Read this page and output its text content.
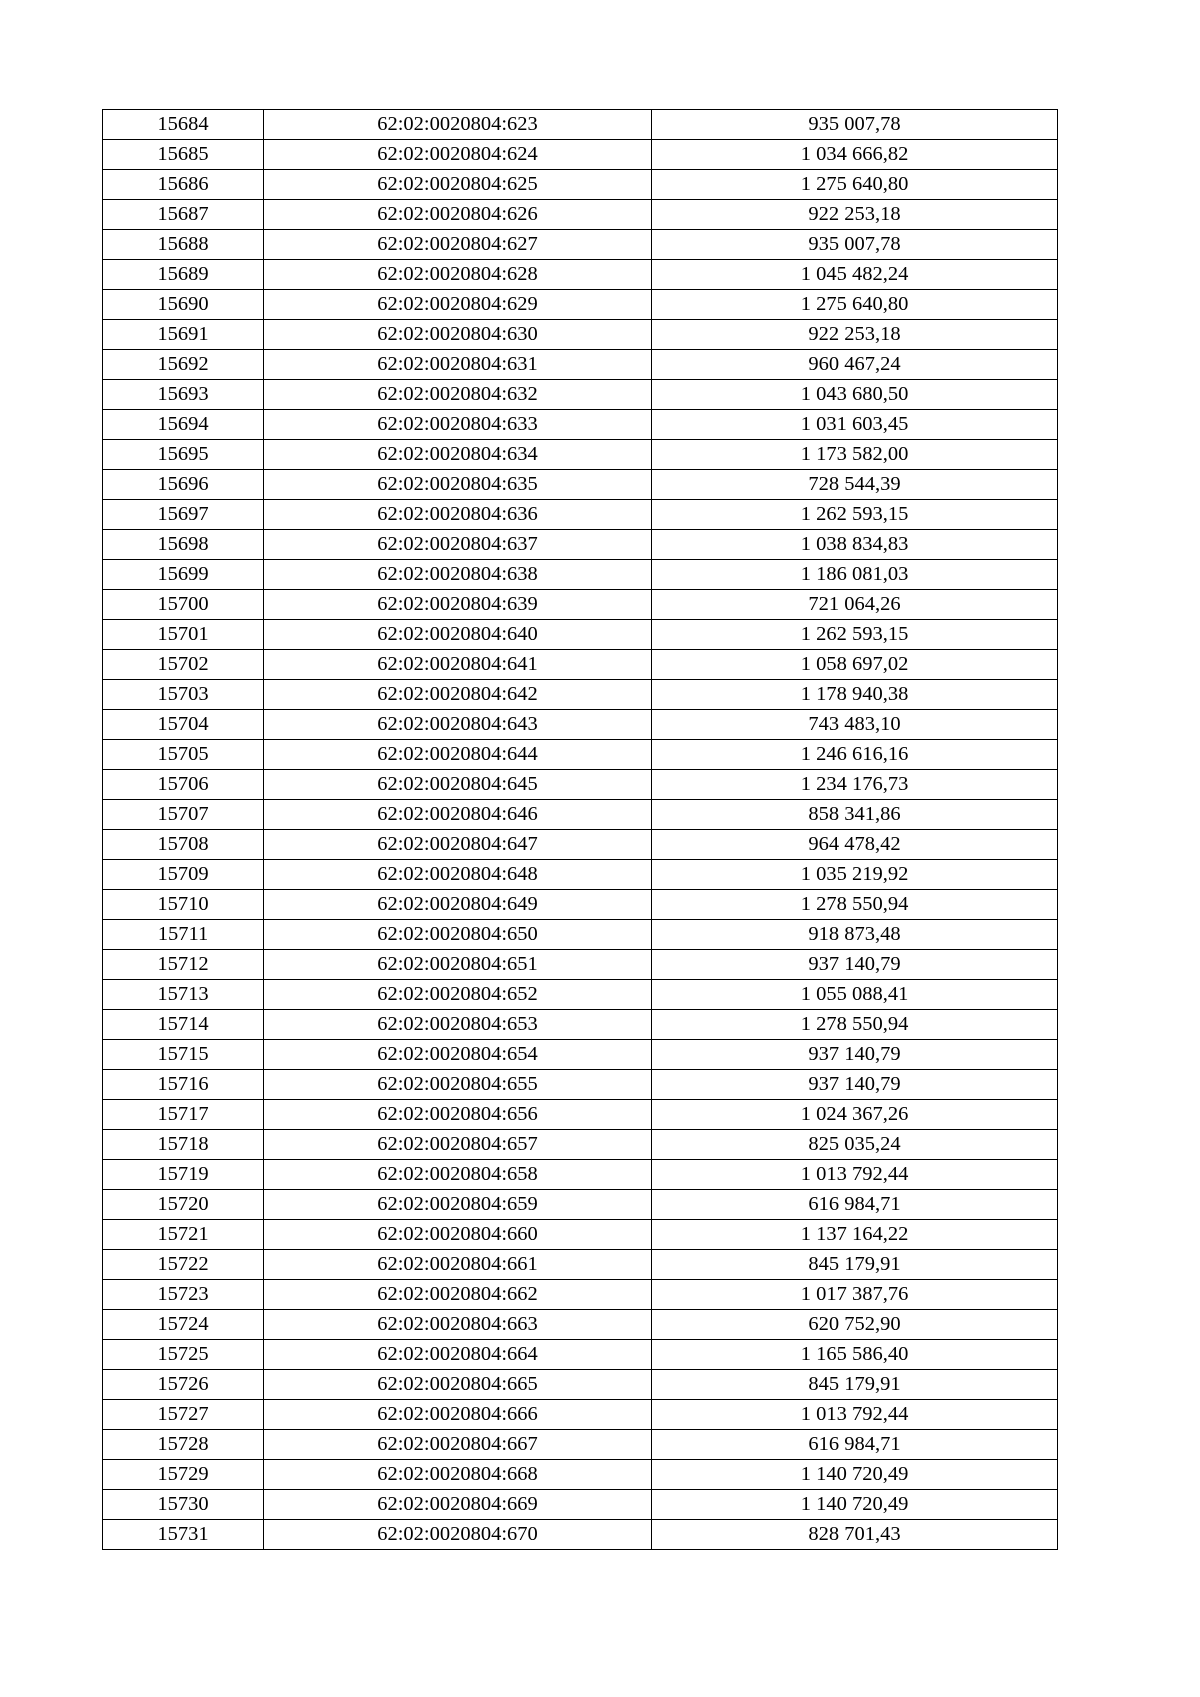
15684	62:02:0020804:623	935 007,78
15685	62:02:0020804:624	1 034 666,82
15686	62:02:0020804:625	1 275 640,80
15687	62:02:0020804:626	922 253,18
15688	62:02:0020804:627	935 007,78
15689	62:02:0020804:628	1 045 482,24
15690	62:02:0020804:629	1 275 640,80
15691	62:02:0020804:630	922 253,18
15692	62:02:0020804:631	960 467,24
15693	62:02:0020804:632	1 043 680,50
15694	62:02:0020804:633	1 031 603,45
15695	62:02:0020804:634	1 173 582,00
15696	62:02:0020804:635	728 544,39
15697	62:02:0020804:636	1 262 593,15
15698	62:02:0020804:637	1 038 834,83
15699	62:02:0020804:638	1 186 081,03
15700	62:02:0020804:639	721 064,26
15701	62:02:0020804:640	1 262 593,15
15702	62:02:0020804:641	1 058 697,02
15703	62:02:0020804:642	1 178 940,38
15704	62:02:0020804:643	743 483,10
15705	62:02:0020804:644	1 246 616,16
15706	62:02:0020804:645	1 234 176,73
15707	62:02:0020804:646	858 341,86
15708	62:02:0020804:647	964 478,42
15709	62:02:0020804:648	1 035 219,92
15710	62:02:0020804:649	1 278 550,94
15711	62:02:0020804:650	918 873,48
15712	62:02:0020804:651	937 140,79
15713	62:02:0020804:652	1 055 088,41
15714	62:02:0020804:653	1 278 550,94
15715	62:02:0020804:654	937 140,79
15716	62:02:0020804:655	937 140,79
15717	62:02:0020804:656	1 024 367,26
15718	62:02:0020804:657	825 035,24
15719	62:02:0020804:658	1 013 792,44
15720	62:02:0020804:659	616 984,71
15721	62:02:0020804:660	1 137 164,22
15722	62:02:0020804:661	845 179,91
15723	62:02:0020804:662	1 017 387,76
15724	62:02:0020804:663	620 752,90
15725	62:02:0020804:664	1 165 586,40
15726	62:02:0020804:665	845 179,91
15727	62:02:0020804:666	1 013 792,44
15728	62:02:0020804:667	616 984,71
15729	62:02:0020804:668	1 140 720,49
15730	62:02:0020804:669	1 140 720,49
15731	62:02:0020804:670	828 701,43
